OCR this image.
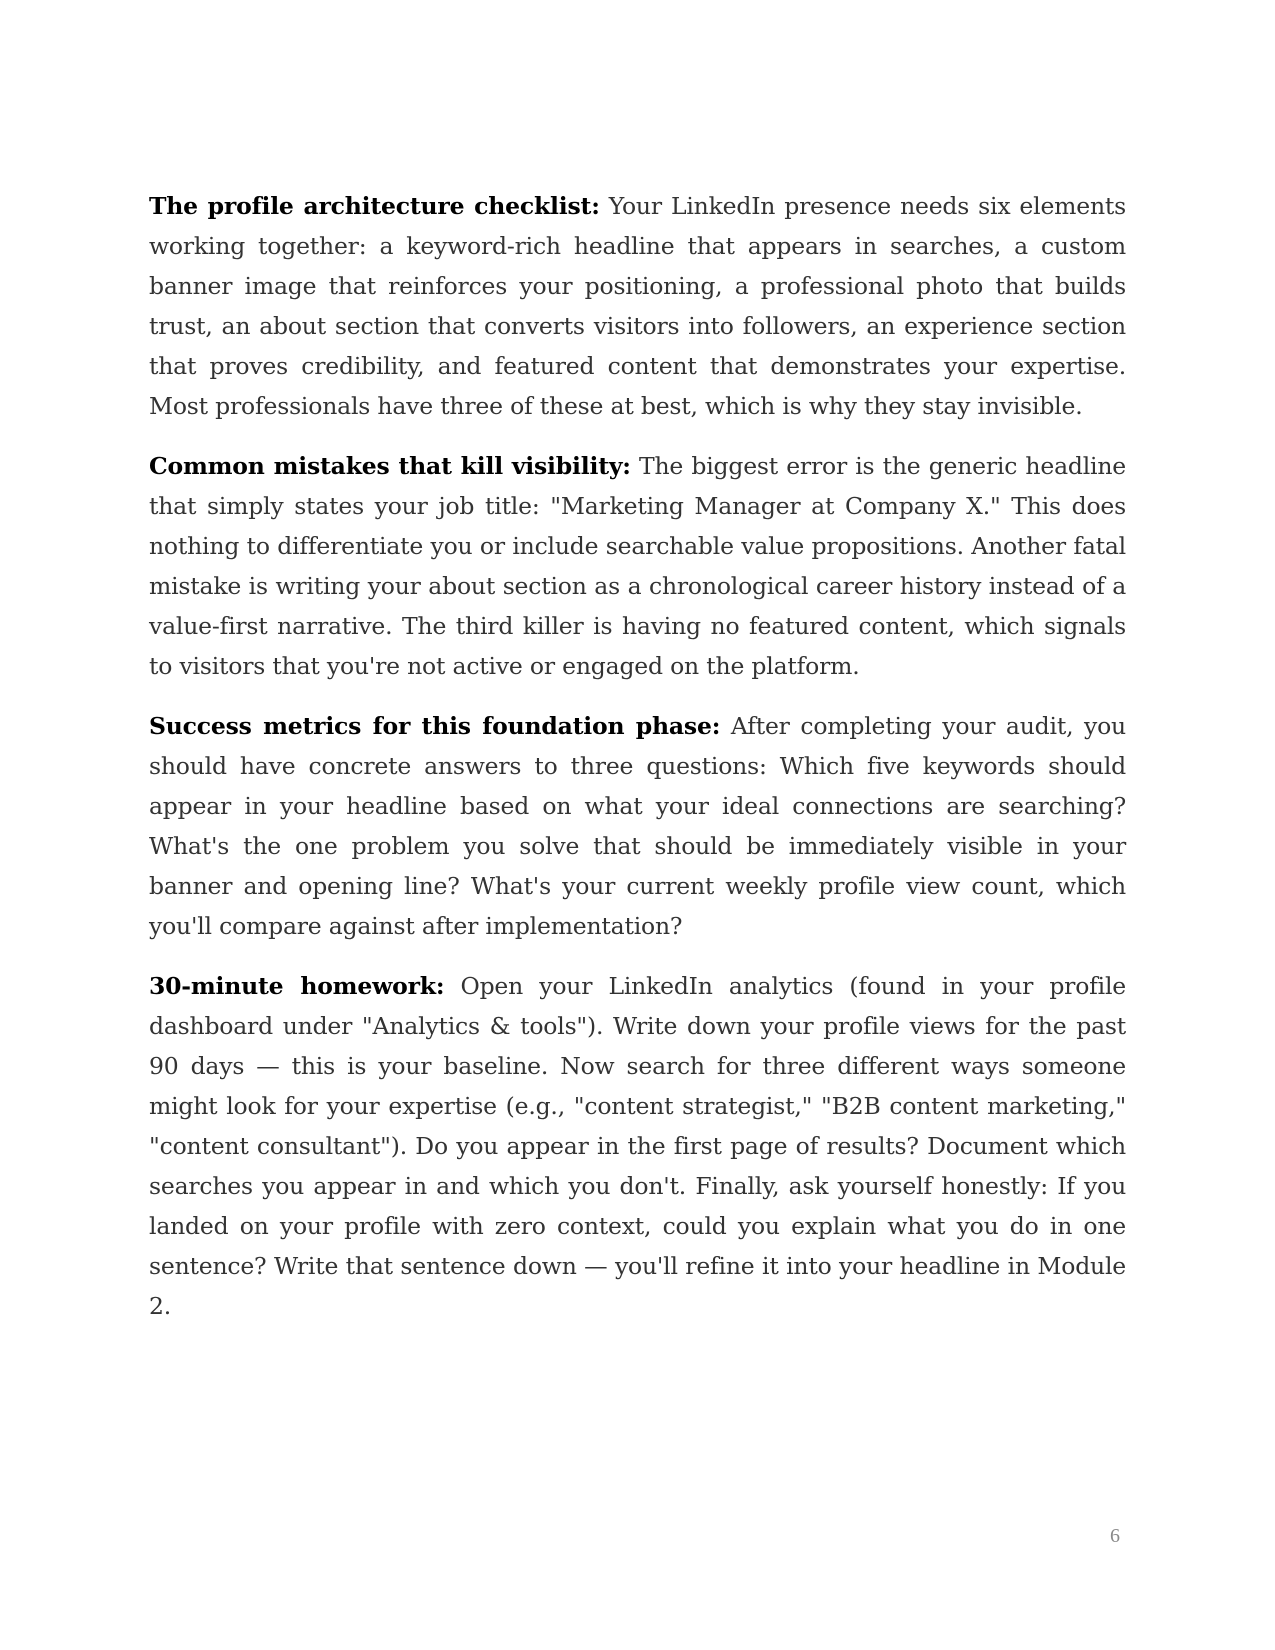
The profile architecture checklist: Your LinkedIn presence needs six elements working together: a keyword-rich headline that appears in searches, a custom banner image that reinforces your positioning, a professional photo that builds trust, an about section that converts visitors into followers, an experience section that proves credibility, and featured content that demonstrates your expertise. Most professionals have three of these at best, which is why they stay invisible.

Common mistakes that kill visibility: The biggest error is the generic headline that simply states your job title: "Marketing Manager at Company X." This does nothing to differentiate you or include searchable value propositions. Another fatal mistake is writing your about section as a chronological career history instead of a value-first narrative. The third killer is having no featured content, which signals to visitors that you're not active or engaged on the platform.

Success metrics for this foundation phase: After completing your audit, you should have concrete answers to three questions: Which five keywords should appear in your headline based on what your ideal connections are searching? What's the one problem you solve that should be immediately visible in your banner and opening line? What's your current weekly profile view count, which you'll compare against after implementation?

30-minute homework: Open your LinkedIn analytics (found in your profile dashboard under "Analytics & tools"). Write down your profile views for the past 90 days — this is your baseline. Now search for three different ways someone might look for your expertise (e.g., "content strategist," "B2B content marketing," "content consultant"). Do you appear in the first page of results? Document which searches you appear in and which you don't. Finally, ask yourself honestly: If you landed on your profile with zero context, could you explain what you do in one sentence? Write that sentence down — you'll refine it into your headline in Module 2.

6
